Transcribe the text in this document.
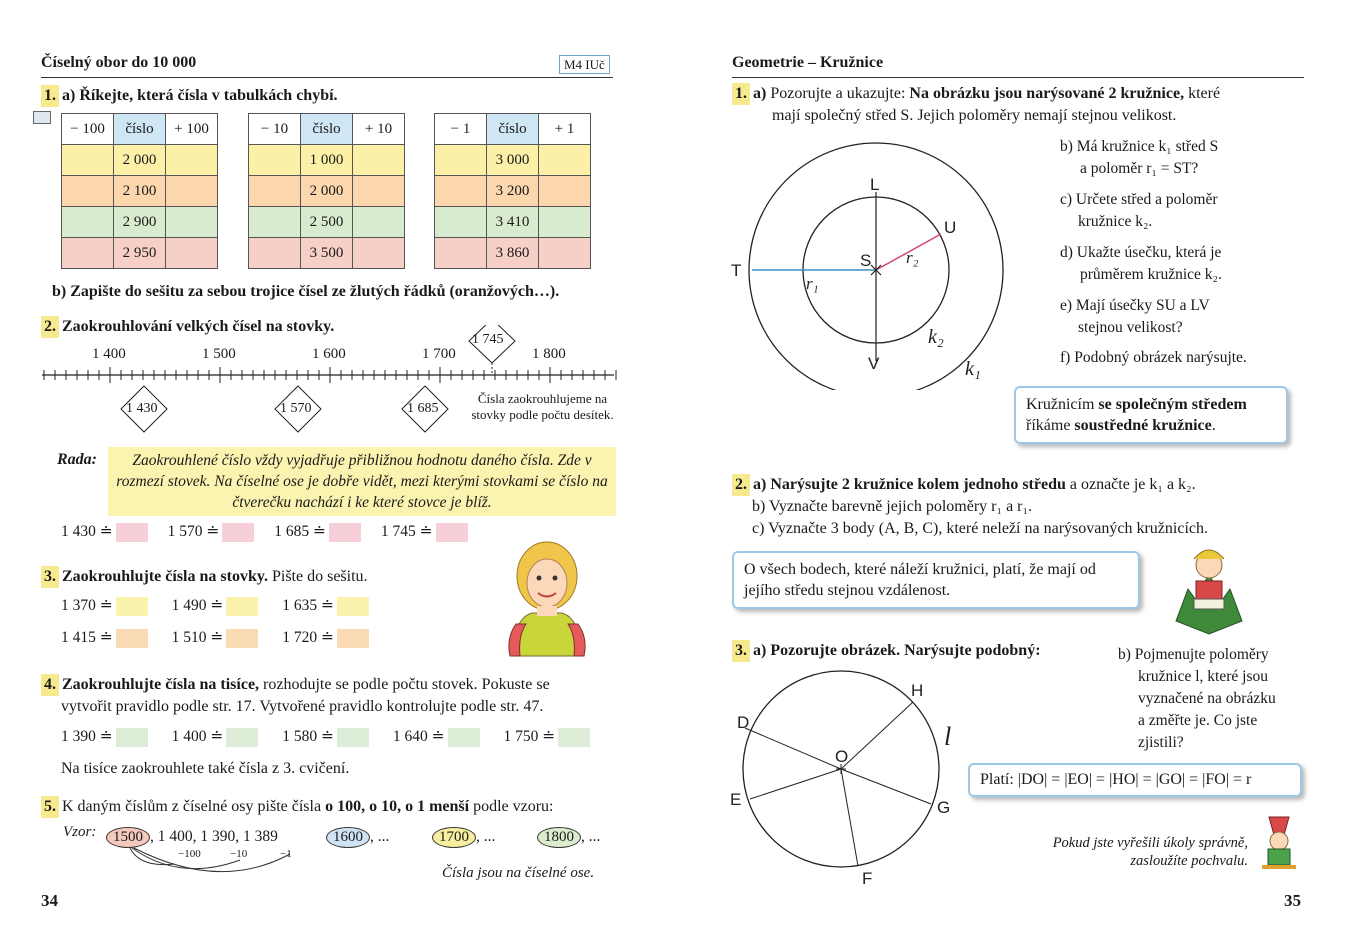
Číselný obor do 10 000	M4 IUč
1. a) Říkejte, která čísla v tabulkách chybí.
− 100	číslo	+ 100
	2 000	
	2 100	
	2 900	
	2 950	
− 10	číslo	+ 10
	1 000	
	2 000	
	2 500	
	3 500	
− 1	číslo	+ 1
	3 000	
	3 200	
	3 410	
	3 860	
b) Zapište do sešitu za sebou trojice čísel ze žlutých řádků (oranžových…).
2. Zaokrouhlování velkých čísel na stovky.
1 400	1 500	1 600	1 700	1 800
1 745
1 430	1 570	1 685
Čísla zaokrouhlujeme na stovky podle počtu desítek.
Rada:	Zaokrouhlené číslo vždy vyjadřuje přibližnou hodnotu daného čísla. Zde v rozmezí stovek. Na číselné ose je dobře vidět, mezi kterými stovkami se číslo na čtverečku nachází i ke které stovce je blíž.
1 430 ≐	1 570 ≐	1 685 ≐	1 745 ≐
3. Zaokrouhlujte čísla na stovky. Pište do sešitu.
1 370 ≐	1 490 ≐	1 635 ≐
1 415 ≐	1 510 ≐	1 720 ≐
4. Zaokrouhlujte čísla na tisíce, rozhodujte se podle počtu stovek. Pokuste se
vytvořit pravidlo podle str. 17. Vytvořené pravidlo kontrolujte podle str. 47.
1 390 ≐	1 400 ≐	1 580 ≐	1 640 ≐	1 750 ≐
Na tisíce zaokrouhlete také čísla z 3. cvičení.
5. K daným číslům z číselné osy pište čísla o 100, o 10, o 1 menší podle vzoru:
Vzor:	1500 , 1 400, 1 390, 1 389
−100	−10	−1
1600 , ...	1700 , ...	1800 , ...
Čísla jsou na číselné ose.
34
Geometrie – Kružnice
1. a) Pozorujte a ukazujte: Na obrázku jsou narýsované 2 kružnice, které
mají společný střed S. Jejich poloměry nemají stejnou velikost.
L
U
S
T
V
r₁
r₂
k₂
k₁
b) Má kružnice k₁ střed S
a poloměr r₁ = ST?
c) Určete střed a poloměr
kružnice k₂.
d) Ukažte úsečku, která je
průměrem kružnice k₂.
e) Mají úsečky SU a LV
stejnou velikost?
f) Podobný obrázek narýsujte.
Kružnicím se společným středem
říkáme soustředné kružnice.
2. a) Narýsujte 2 kružnice kolem jednoho středu a označte je k₁ a k₂.
b) Vyznačte barevně jejich poloměry r₁ a r₁.
c) Vyznačte 3 body (A, B, C), které neleží na narýsovaných kružnicích.
O všech bodech, které náleží kružnici, platí, že mají od jejího středu stejnou vzdálenost.
3. a) Pozorujte obrázek. Narýsujte podobný:
D
H
O
E	G
F
l
b) Pojmenujte poloměry
kružnice l, které jsou
vyznačené na obrázku
a změřte je. Co jste
zjistili?
Platí: |DO| = |EO| = |HO| = |GO| = |FO| = r
Pokud jste vyřešili úkoly správně, zasloužíte pochvalu.
35
